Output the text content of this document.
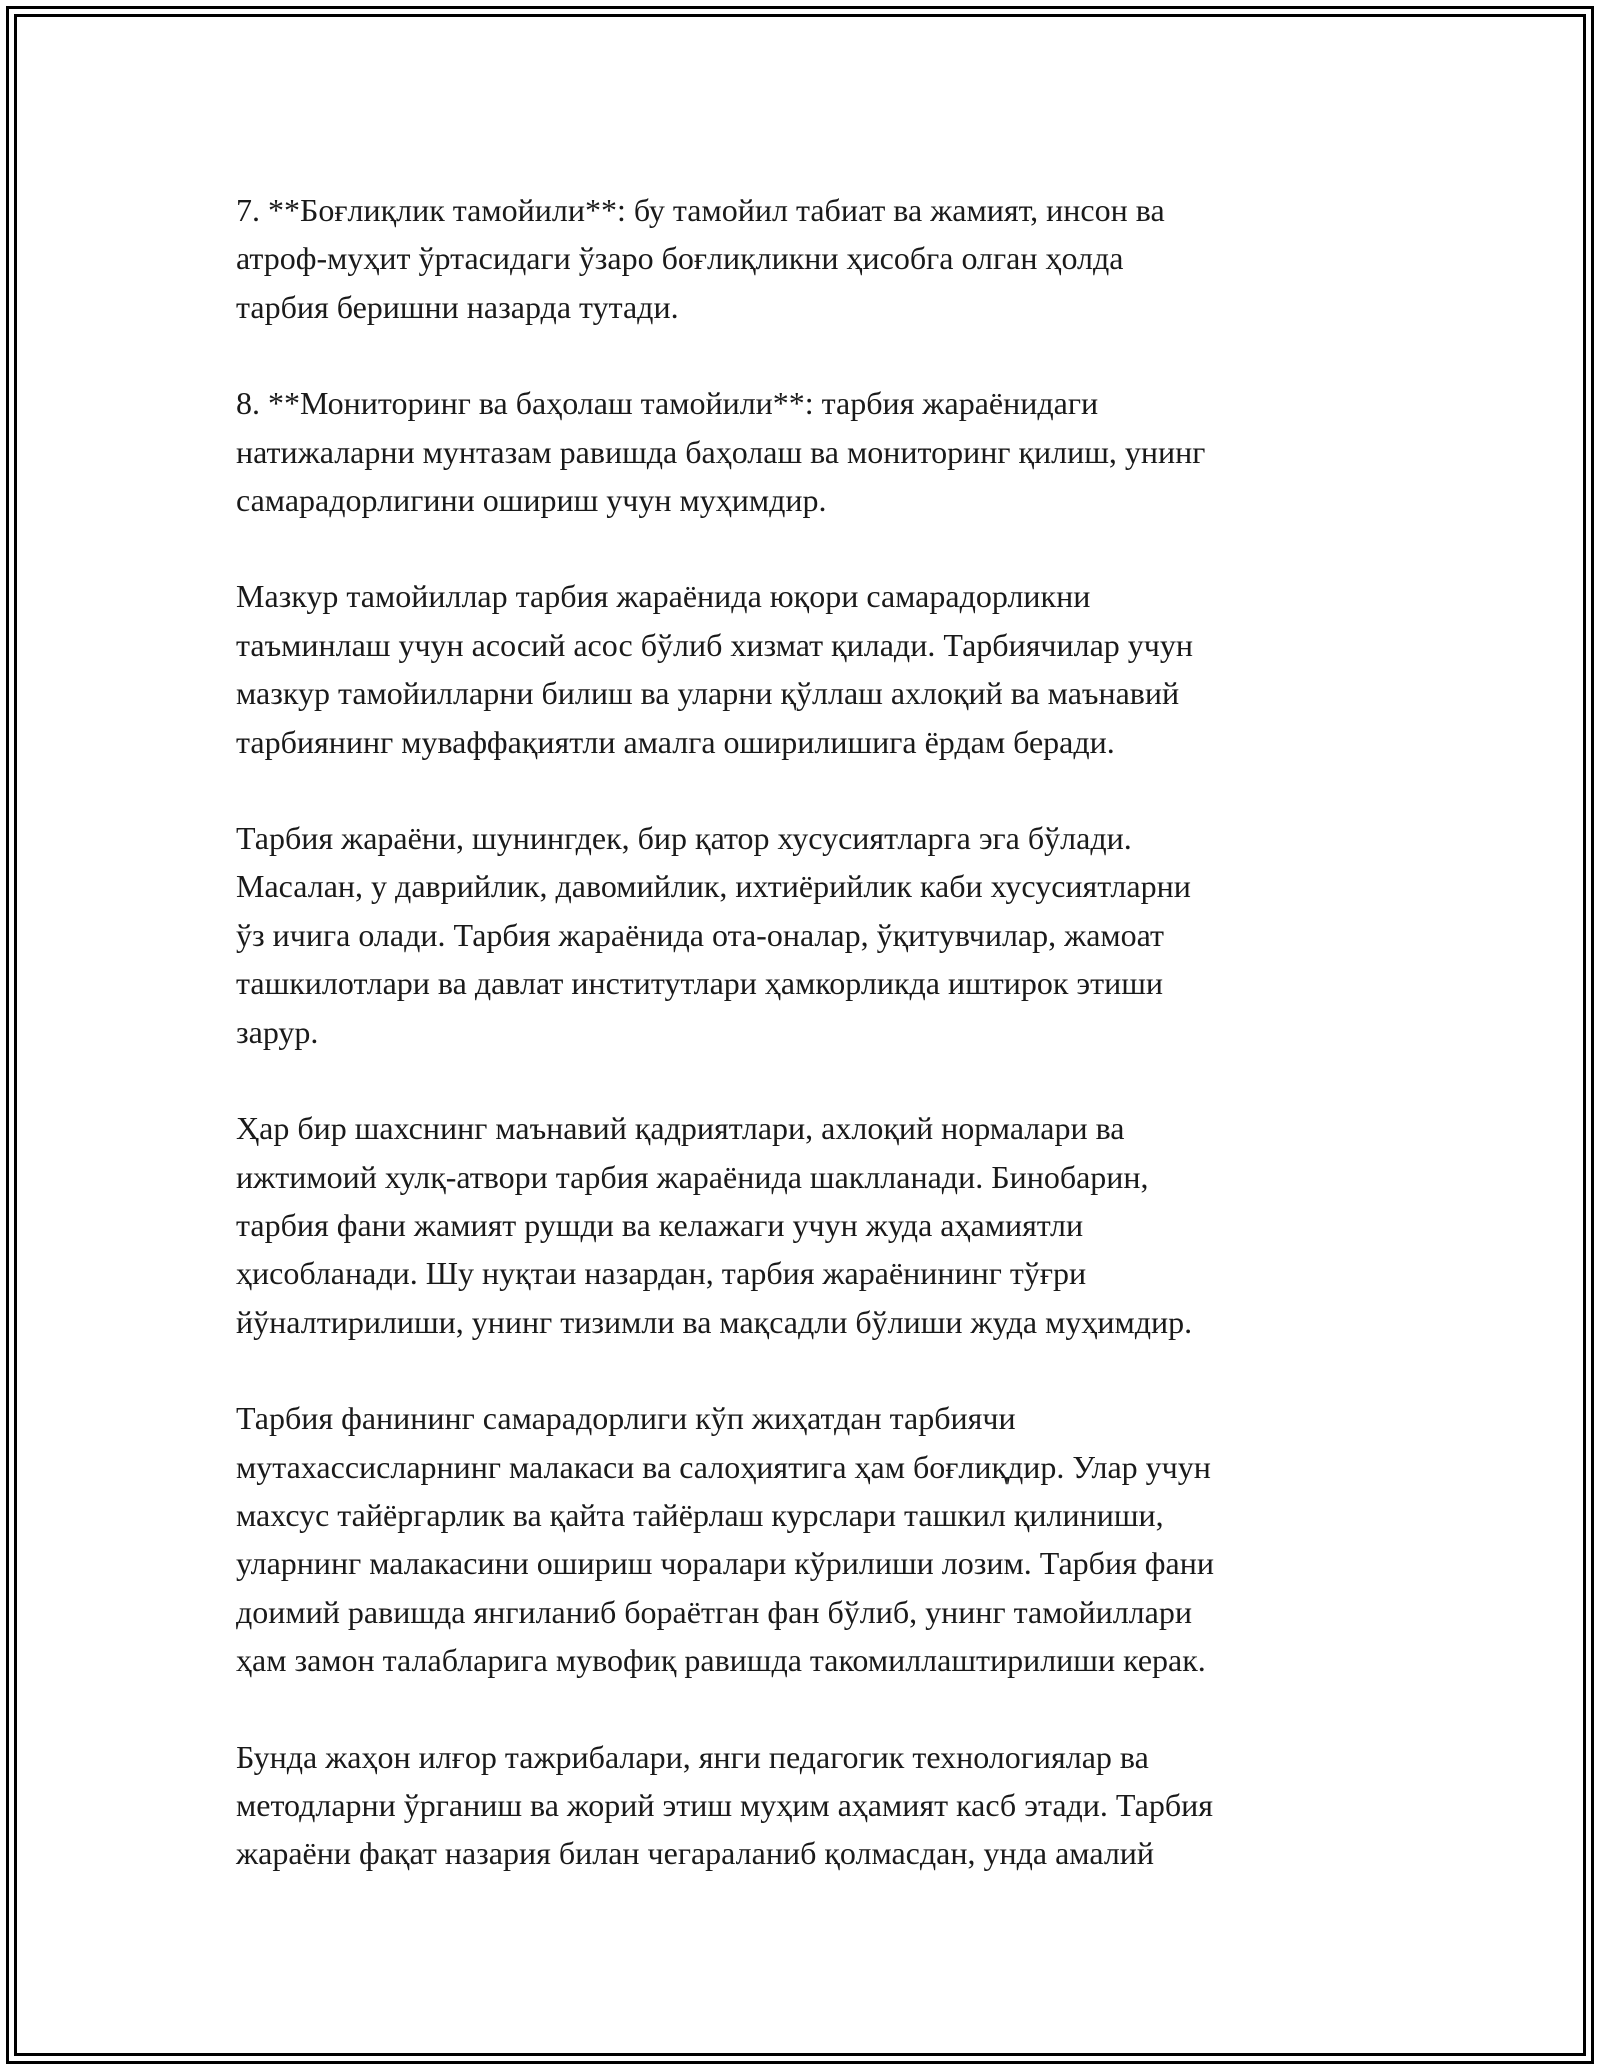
7. **Боғлиқлик тамойили**: бу тамойил табиат ва жамият, инсон ва
атроф-муҳит ўртасидаги ўзаро боғлиқликни ҳисобга олган ҳолда
тарбия беришни назарда тутади.

8. **Мониторинг ва баҳолаш тамойили**: тарбия жараёнидаги
натижаларни мунтазам равишда баҳолаш ва мониторинг қилиш, унинг
самарадорлигини ошириш учун муҳимдир.

Мазкур тамойиллар тарбия жараёнида юқори самарадорликни
таъминлаш учун асосий асос бўлиб хизмат қилади. Тарбиячилар учун
мазкур тамойилларни билиш ва уларни қўллаш ахлоқий ва маънавий
тарбиянинг муваффақиятли амалга оширилишига ёрдам беради.

Тарбия жараёни, шунингдек, бир қатор хусусиятларга эга бўлади.
Масалан, у даврийлик, давомийлик, ихтиёрийлик каби хусусиятларни
ўз ичига олади. Тарбия жараёнида ота-оналар, ўқитувчилар, жамоат
ташкилотлари ва давлат институтлари ҳамкорликда иштирок этиши
зарур.

Ҳар бир шахснинг маънавий қадриятлари, ахлоқий нормалари ва
ижтимоий хулқ-атвори тарбия жараёнида шаклланади. Бинобарин,
тарбия фани жамият рушди ва келажаги учун жуда аҳамиятли
ҳисобланади. Шу нуқтаи назардан, тарбия жараёнининг тўғри
йўналтирилиши, унинг тизимли ва мақсадли бўлиши жуда муҳимдир.

Тарбия фанининг самарадорлиги кўп жиҳатдан тарбиячи
мутахассисларнинг малакаси ва салоҳиятига ҳам боғлиқдир. Улар учун
махсус тайёргарлик ва қайта тайёрлаш курслари ташкил қилиниши,
уларнинг малакасини ошириш чоралари кўрилиши лозим. Тарбия фани
доимий равишда янгиланиб бораётган фан бўлиб, унинг тамойиллари
ҳам замон талабларига мувофиқ равишда такомиллаштирилиши керак.

Бунда жаҳон илғор тажрибалари, янги педагогик технологиялар ва
методларни ўрганиш ва жорий этиш муҳим аҳамият касб этади. Тарбия
жараёни фақат назария билан чегараланиб қолмасдан, унда амалий
